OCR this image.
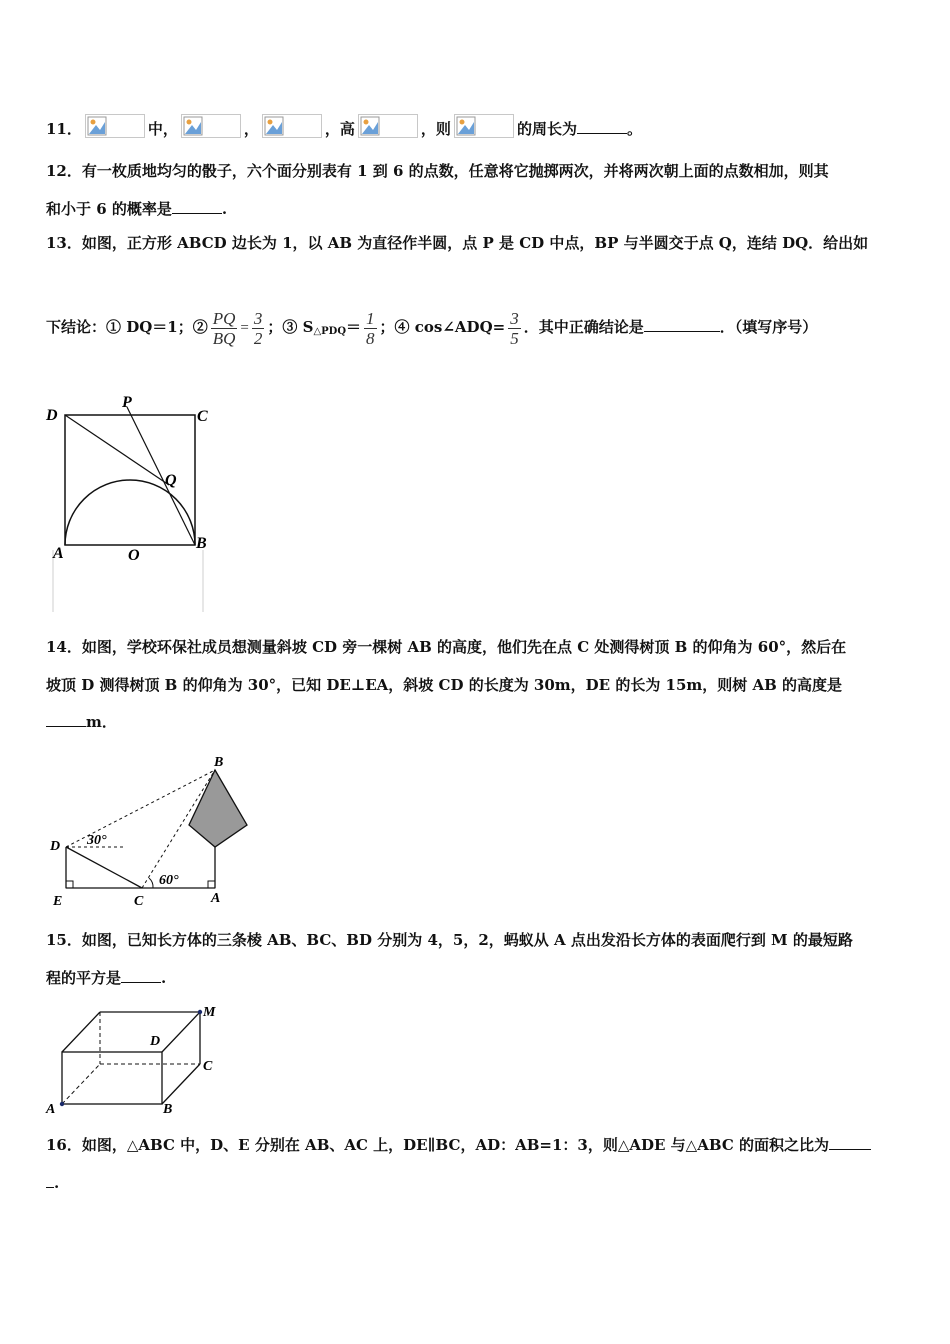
11．	中，	，	，高	，则	的周长为	。
12．有一枚质地均匀的骰子，六个面分别表有 1 到 6 的点数，任意将它抛掷两次，并将两次朝上面的点数相加，则其
和小于 6 的概率是	.
13．如图，正方形 ABCD 边长为 1，以 AB 为直径作半圆，点 P 是 CD 中点，BP 与半圆交于点 Q，连结 DQ．给出如
下结论：① DQ＝1；② $\frac{PQ}{BQ} = \frac{3}{2}$ ；③ $S_{\triangle PDQ}= \frac{1}{8}$ ；④ cos∠ADQ= $\frac{3}{5}$ ．其中正确结论是	．（填写序号）
D
P
C
Q
A	O
B
14．如图，学校环保社成员想测量斜坡 CD 旁一棵树 AB 的高度，他们先在点 C 处测得树顶 B 的仰角为 60°，然后在
坡顶 D 测得树顶 B 的仰角为 30°，已知 DE⊥EA，斜坡 CD 的长度为 30m，DE 的长为 15m，则树 AB 的高度是
m．
B
D 30°
60°
E	C	A
15．如图，已知长方体的三条棱 AB、BC、BD 分别为 4，5，2，蚂蚁从 A 点出发沿长方体的表面爬行到 M 的最短路
程的平方是	.
M
D
C
A	B
16．如图，△ABC 中，D、E 分别在 AB、AC 上，DE∥BC，AD：AB=1：3，则△ADE 与△ABC 的面积之比为
.
